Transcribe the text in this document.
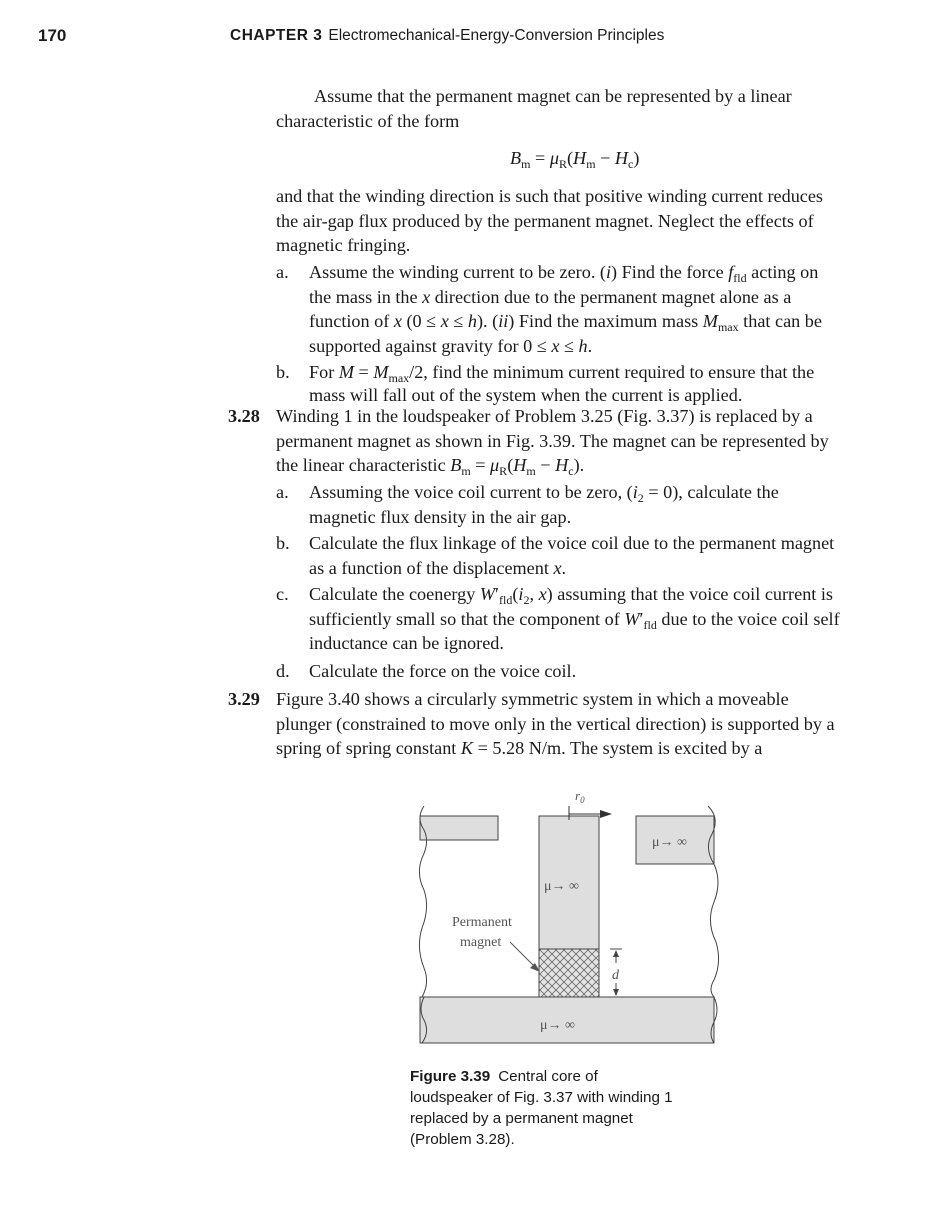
170	CHAPTER 3 Electromechanical-Energy-Conversion Principles
Assume that the permanent magnet can be represented by a linear
characteristic of the form
$B_m = \mu_R(H_m - H_c)$
and that the winding direction is such that positive winding current reduces
the air-gap flux produced by the permanent magnet. Neglect the effects of
magnetic fringing.
a. Assume the winding current to be zero. (i) Find the force $f_{fld}$ acting on
the mass in the x direction due to the permanent magnet alone as a
function of x (0 ≤ x ≤ h). (ii) Find the maximum mass $M_{max}$ that can be
supported against gravity for 0 ≤ x ≤ h.
b. For $M = M_{max}/2$, find the minimum current required to ensure that the
mass will fall out of the system when the current is applied.
3.28 Winding 1 in the loudspeaker of Problem 3.25 (Fig. 3.37) is replaced by a
permanent magnet as shown in Fig. 3.39. The magnet can be represented by
the linear characteristic $B_m = \mu_R(H_m - H_c)$.
a. Assuming the voice coil current to be zero, $(i_2 = 0)$, calculate the
magnetic flux density in the air gap.
b. Calculate the flux linkage of the voice coil due to the permanent magnet
as a function of the displacement x.
c. Calculate the coenergy $W'_{fld}(i_2$, x) assuming that the voice coil current is
sufficiently small so that the component of $W'_{fld}$ due to the voice coil self
inductance can be ignored.
d. Calculate the force on the voice coil.
3.29 Figure 3.40 shows a circularly symmetric system in which a moveable
plunger (constrained to move only in the vertical direction) is supported by a
spring of spring constant K = 5.28 N/m. The system is excited by a
$r_0$
μ→ ∞
μ→ ∞
μ→ ∞
Permanent
magnet
d
Figure 3.39 Central core of
loudspeaker of Fig. 3.37 with winding 1
replaced by a permanent magnet
(Problem 3.28).
